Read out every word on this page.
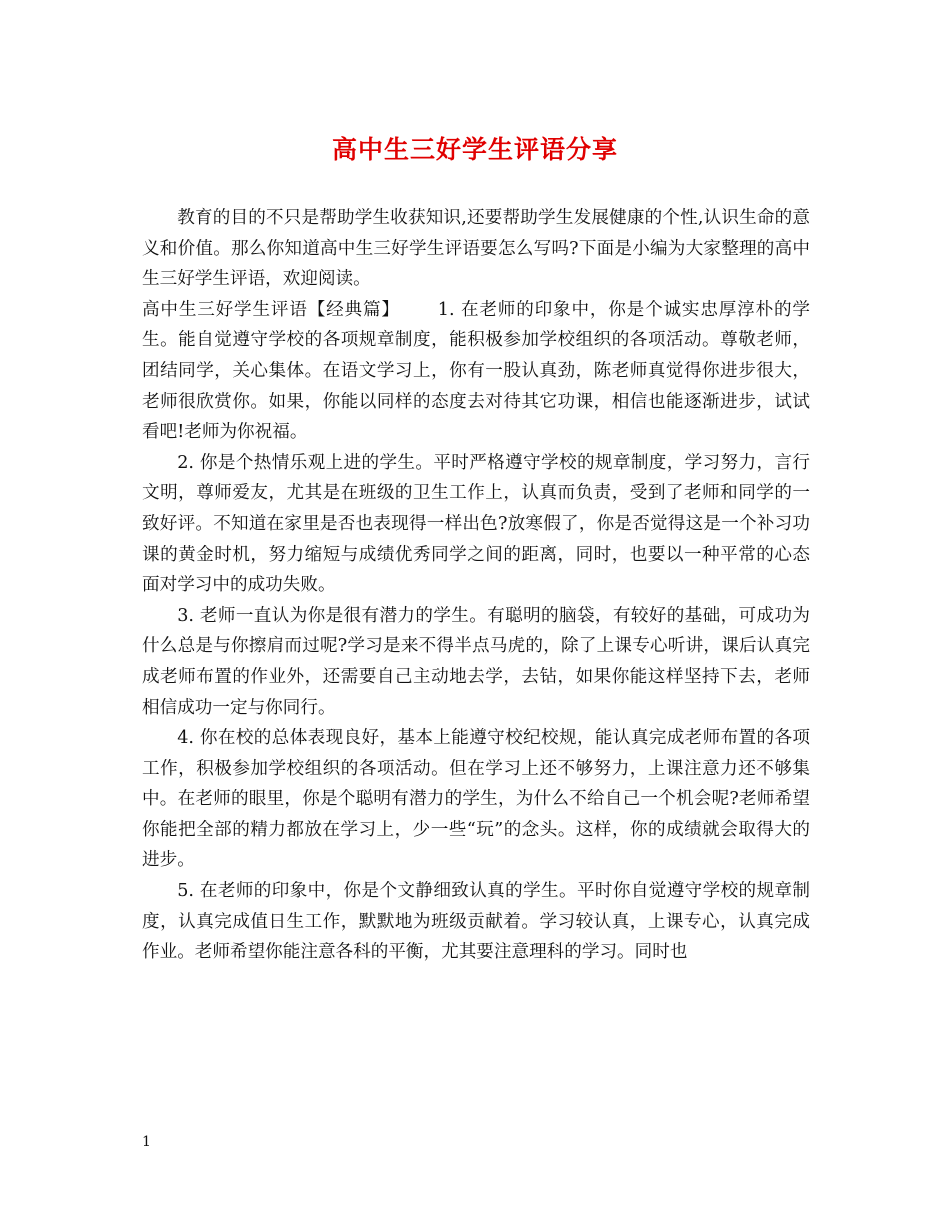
高中生三好学生评语分享

教育的目的不只是帮助学生收获知识,还要帮助学生发展健康的个性,认识生命的意义和价值。那么你知道高中生三好学生评语要怎么写吗?下面是小编为大家整理的高中生三好学生评语，欢迎阅读。

高中生三好学生评语【经典篇】 1. 在老师的印象中，你是个诚实忠厚淳朴的学生。能自觉遵守学校的各项规章制度，能积极参加学校组织的各项活动。尊敬老师，团结同学，关心集体。在语文学习上，你有一股认真劲，陈老师真觉得你进步很大，老师很欣赏你。如果，你能以同样的态度去对待其它功课，相信也能逐渐进步，试试看吧!老师为你祝福。

2. 你是个热情乐观上进的学生。平时严格遵守学校的规章制度，学习努力，言行文明，尊师爱友，尤其是在班级的卫生工作上，认真而负责，受到了老师和同学的一致好评。不知道在家里是否也表现得一样出色?放寒假了，你是否觉得这是一个补习功课的黄金时机，努力缩短与成绩优秀同学之间的距离，同时，也要以一种平常的心态面对学习中的成功失败。

3. 老师一直认为你是很有潜力的学生。有聪明的脑袋，有较好的基础，可成功为什么总是与你擦肩而过呢?学习是来不得半点马虎的，除了上课专心听讲，课后认真完成老师布置的作业外，还需要自己主动地去学，去钻，如果你能这样坚持下去，老师相信成功一定与你同行。

4. 你在校的总体表现良好，基本上能遵守校纪校规，能认真完成老师布置的各项工作，积极参加学校组织的各项活动。但在学习上还不够努力，上课注意力还不够集中。在老师的眼里，你是个聪明有潜力的学生，为什么不给自己一个机会呢?老师希望你能把全部的精力都放在学习上，少一些“玩”的念头。这样，你的成绩就会取得大的进步。

5. 在老师的印象中，你是个文静细致认真的学生。平时你自觉遵守学校的规章制度，认真完成值日生工作，默默地为班级贡献着。学习较认真，上课专心，认真完成作业。老师希望你能注意各科的平衡，尤其要注意理科的学习。同时也

1
